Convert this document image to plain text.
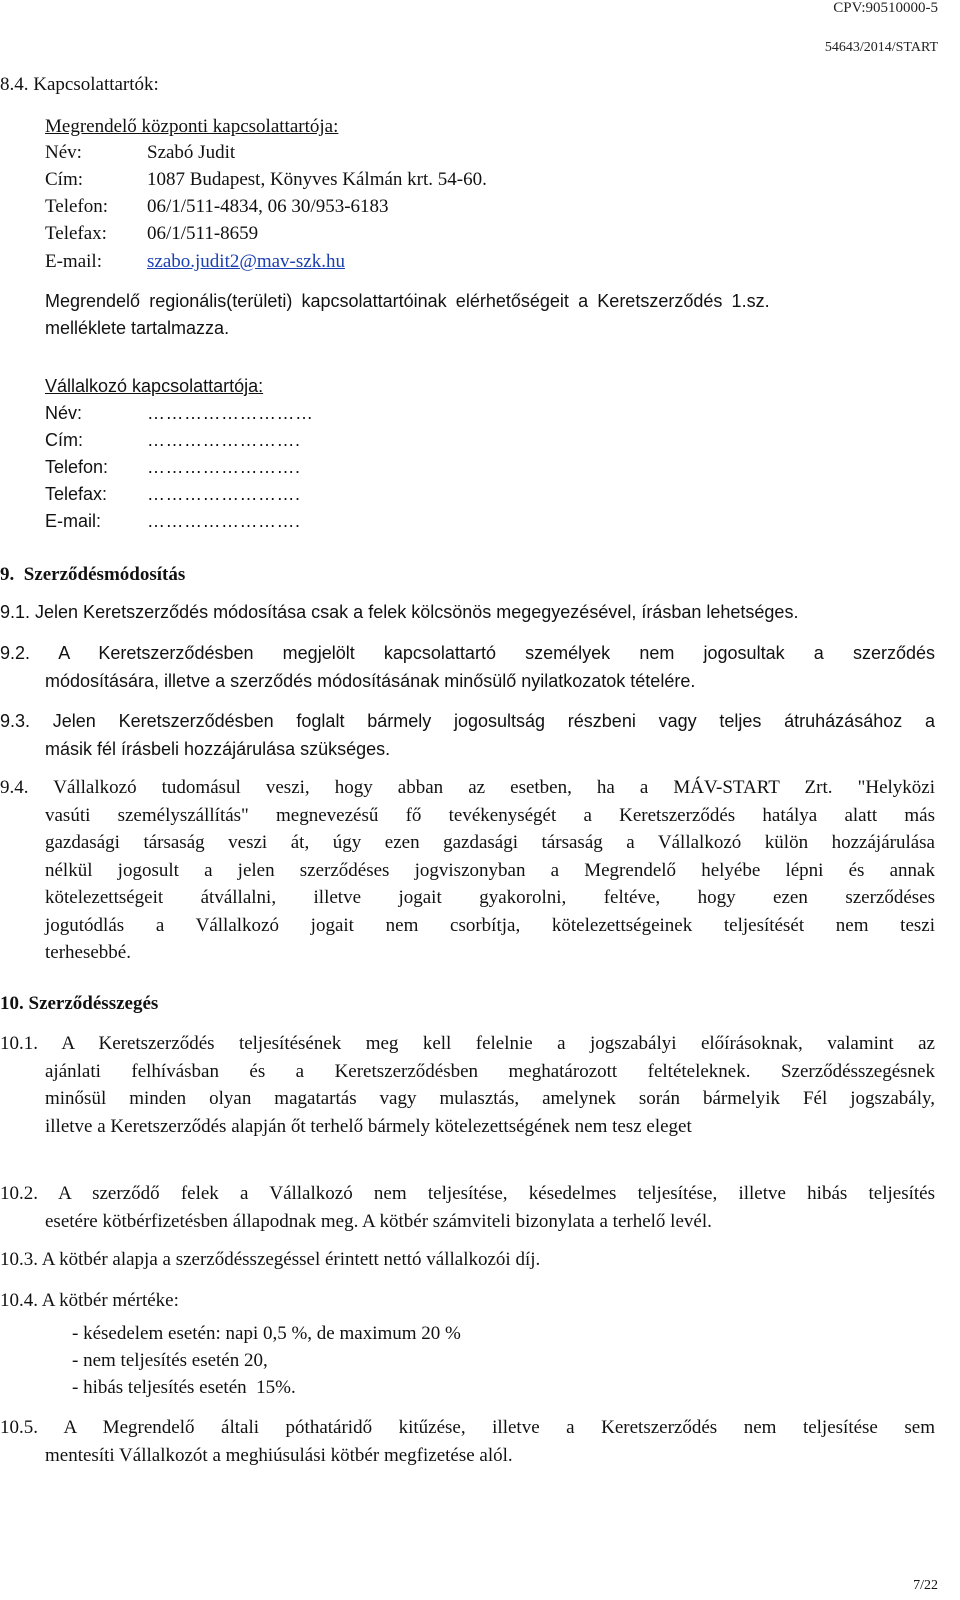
CPV:90510000-5
54643/2014/START
8.4. Kapcsolattartók:
Megrendelő központi kapcsolattartója:
Név:	Szabó Judit
Cím:	1087 Budapest, Könyves Kálmán krt. 54-60.
Telefon: 06/1/511-4834, 06 30/953-6183
Telefax: 06/1/511-8659
E-mail: szabo.judit2@mav-szk.hu
Megrendelő regionális(területi) kapcsolattartóinak elérhetőségeit a Keretszerződés 1.sz.
melléklete tartalmazza.
Vállalkozó kapcsolattartója:
Név:	………………………
Cím:	…………………….
Telefon: …………………….
Telefax: …………………….
E-mail:	…………………….
9.  Szerződésmódosítás
9.1. Jelen Keretszerződés módosítása csak a felek kölcsönös megegyezésével, írásban lehetséges.
9.2. A Keretszerződésben megjelölt kapcsolattartó személyek nem jogosultak a szerződés
módosítására, illetve a szerződés módosításának minősülő nyilatkozatok tételére.
9.3. Jelen Keretszerződésben foglalt bármely jogosultság részbeni vagy teljes átruházásához a
másik fél írásbeli hozzájárulása szükséges.
9.4. Vállalkozó tudomásul veszi, hogy abban az esetben, ha a MÁV-START Zrt. "Helyközi
vasúti személyszállítás" megnevezésű fő tevékenységét a Keretszerződés hatálya alatt más
gazdasági társaság veszi át, úgy ezen gazdasági társaság a Vállalkozó külön hozzájárulása
nélkül jogosult a jelen szerződéses jogviszonyban a Megrendelő helyébe lépni és annak
kötelezettségeit átvállalni, illetve jogait gyakorolni, feltéve, hogy ezen szerződéses
jogutódlás a Vállalkozó jogait nem csorbítja, kötelezettségeinek teljesítését nem teszi
terhesebbé.
10. Szerződésszegés
10.1. A Keretszerződés teljesítésének meg kell felelnie a jogszabályi előírásoknak, valamint az
ajánlati felhívásban és a Keretszerződésben meghatározott feltételeknek. Szerződésszegésnek
minősül minden olyan magatartás vagy mulasztás, amelynek során bármelyik Fél jogszabály,
illetve a Keretszerződés alapján őt terhelő bármely kötelezettségének nem tesz eleget
10.2. A szerződő felek a Vállalkozó nem teljesítése, késedelmes teljesítése, illetve hibás teljesítés
esetére kötbérfizetésben állapodnak meg. A kötbér számviteli bizonylata a terhelő levél.
10.3. A kötbér alapja a szerződésszegéssel érintett nettó vállalkozói díj.
10.4. A kötbér mértéke:
- késedelem esetén: napi 0,5 %, de maximum 20 %
- nem teljesítés esetén 20,
- hibás teljesítés esetén  15%.
10.5. A Megrendelő általi póthatáridő kitűzése, illetve a Keretszerződés nem teljesítése sem
mentesíti Vállalkozót a meghiúsulási kötbér megfizetése alól.
7/22
